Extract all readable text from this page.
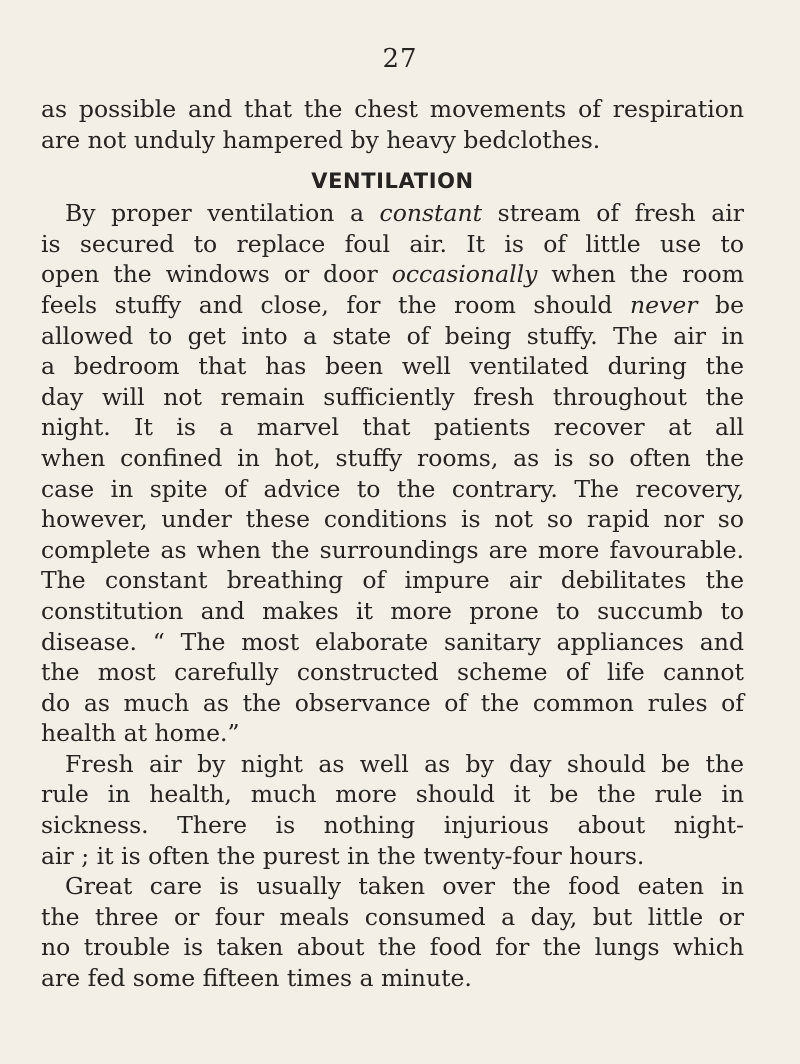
27
as possible and that the chest movements of respiration
are not unduly hampered by heavy bedclothes.
VENTILATION
By proper ventilation a constant stream of fresh air
is secured to replace foul air. It is of little use to
open the windows or door occasionally when the room
feels stuffy and close, for the room should never be
allowed to get into a state of being stuffy. The air in
a bedroom that has been well ventilated during the
day will not remain sufficiently fresh throughout the
night. It is a marvel that patients recover at all
when confined in hot, stuffy rooms, as is so often the
case in spite of advice to the contrary. The recovery,
however, under these conditions is not so rapid nor so
complete as when the surroundings are more favourable.
The constant breathing of impure air debilitates the
constitution and makes it more prone to succumb to
disease. “ The most elaborate sanitary appliances and
the most carefully constructed scheme of life cannot
do as much as the observance of the common rules of
health at home.”
Fresh air by night as well as by day should be the
rule in health, much more should it be the rule in
sickness. There is nothing injurious about night-
air ; it is often the purest in the twenty-four hours.
Great care is usually taken over the food eaten in
the three or four meals consumed a day, but little or
no trouble is taken about the food for the lungs which
are fed some fifteen times a minute.
